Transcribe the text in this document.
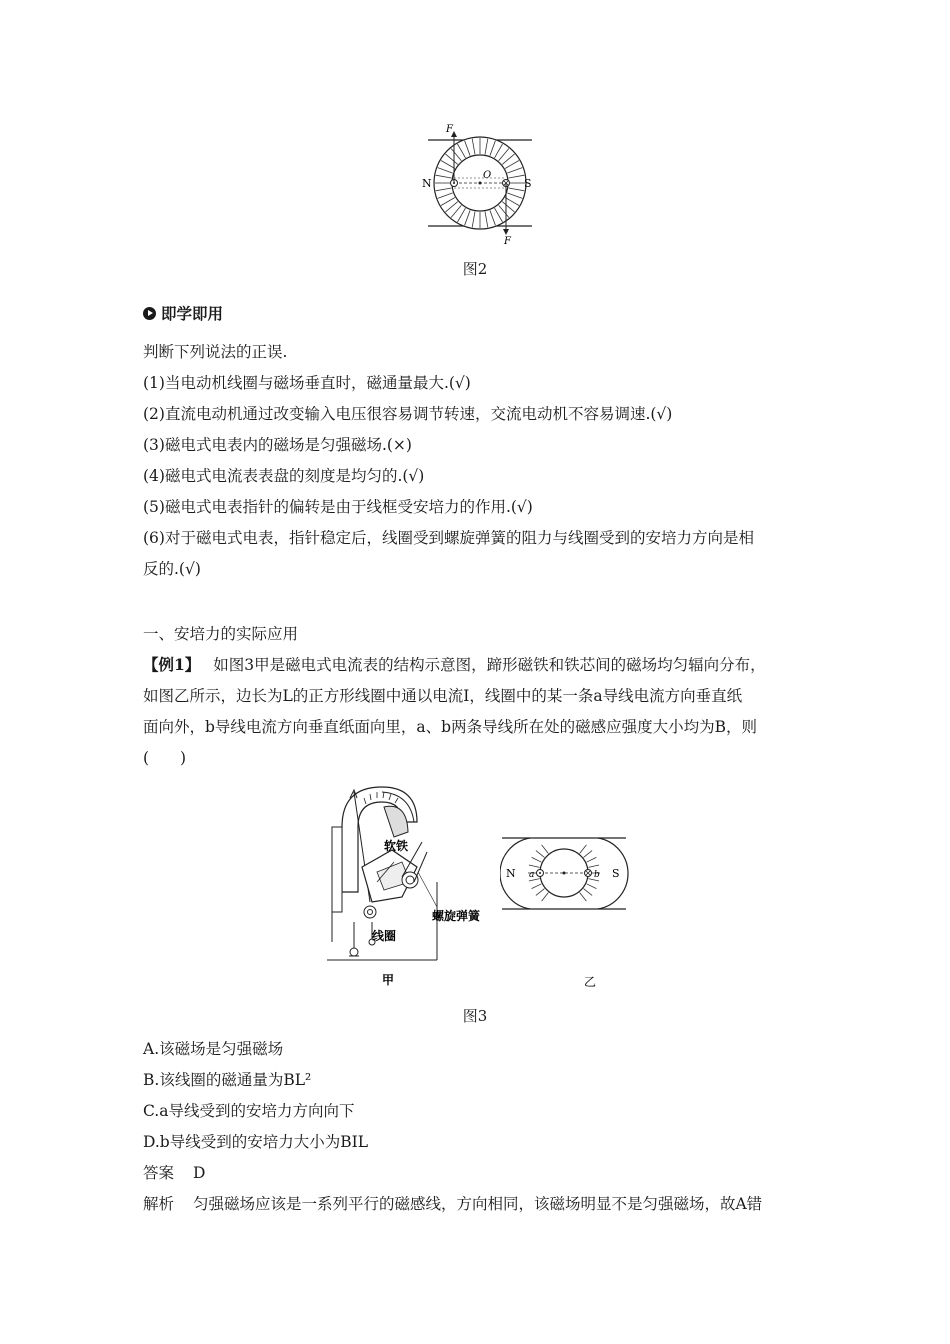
F
F
N	S
O
图2
即学即用
判断下列说法的正误.
(1)当电动机线圈与磁场垂直时，磁通量最大.(√)
(2)直流电动机通过改变输入电压很容易调节转速，交流电动机不容易调速.(√)
(3)磁电式电表内的磁场是匀强磁场.(×)
(4)磁电式电流表表盘的刻度是均匀的.(√)
(5)磁电式电表指针的偏转是由于线框受安培力的作用.(√)
(6)对于磁电式电表，指针稳定后，线圈受到螺旋弹簧的阻力与线圈受到的安培力方向是相
反的.(√)
一、安培力的实际应用
【例1】 如图3甲是磁电式电流表的结构示意图，蹄形磁铁和铁芯间的磁场均匀辐向分布，
如图乙所示，边长为L的正方形线圈中通以电流I，线圈中的某一条a导线电流方向垂直纸
面向外，b导线电流方向垂直纸面向里，a、b两条导线所在处的磁感应强度大小均为B，则
(　　)
软铁
螺旋弹簧
线圈
甲
N	S
a	b
乙
图3
A.该磁场是匀强磁场
B.该线圈的磁通量为BL²
C.a导线受到的安培力方向向下
D.b导线受到的安培力大小为BIL
答案 D
解析 匀强磁场应该是一系列平行的磁感线，方向相同，该磁场明显不是匀强磁场，故A错
